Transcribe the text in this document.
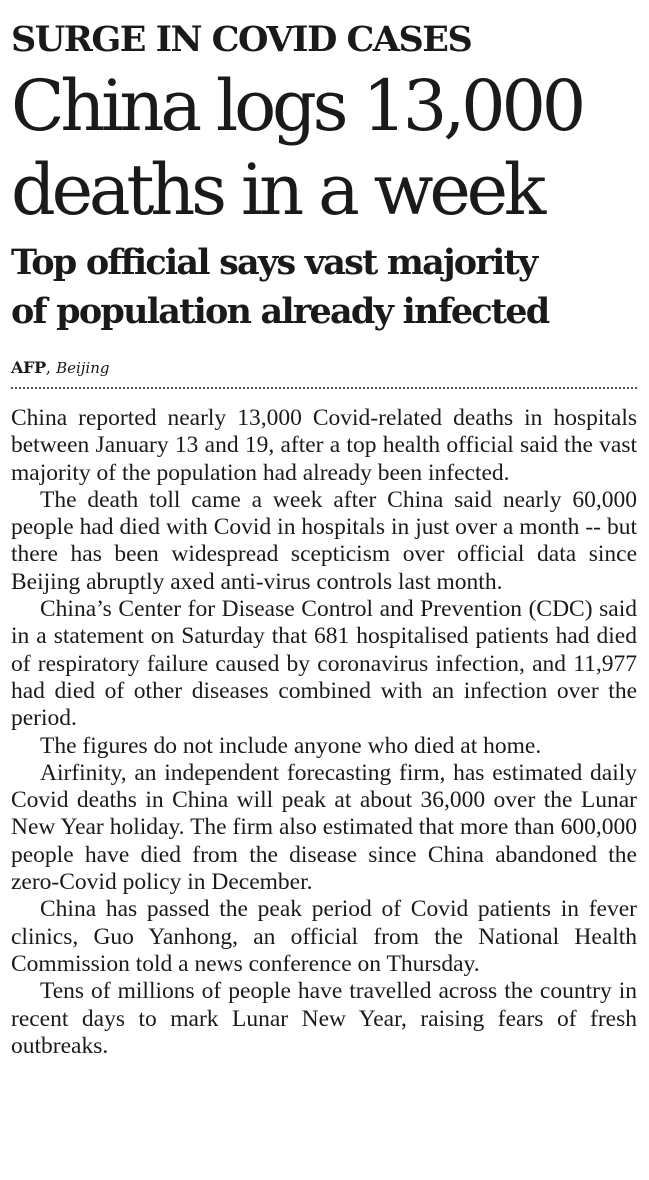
SURGE IN COVID CASES
China logs 13,000
deaths in a week
Top official says vast majority
of population already infected
AFP, Beijing

China reported nearly 13,000 Covid-related deaths in hospitals between January 13 and 19, after a top health official said the vast majority of the population had already been infected.

The death toll came a week after China said nearly 60,000 people had died with Covid in hospitals in just over a month -- but there has been widespread scepticism over official data since Beijing abruptly axed anti-virus controls last month.

China’s Center for Disease Control and Prevention (CDC) said in a statement on Saturday that 681 hospitalised patients had died of respiratory failure caused by coronavirus infection, and 11,977 had died of other diseases combined with an infection over the period.

The figures do not include anyone who died at home.

Airfinity, an independent forecasting firm, has estimated daily Covid deaths in China will peak at about 36,000 over the Lunar New Year holiday. The firm also estimated that more than 600,000 people have died from the disease since China abandoned the zero-Covid policy in December.

China has passed the peak period of Covid patients in fever clinics, Guo Yanhong, an official from the National Health Commission told a news conference on Thursday.

Tens of millions of people have travelled across the country in recent days to mark Lunar New Year, raising fears of fresh outbreaks.
